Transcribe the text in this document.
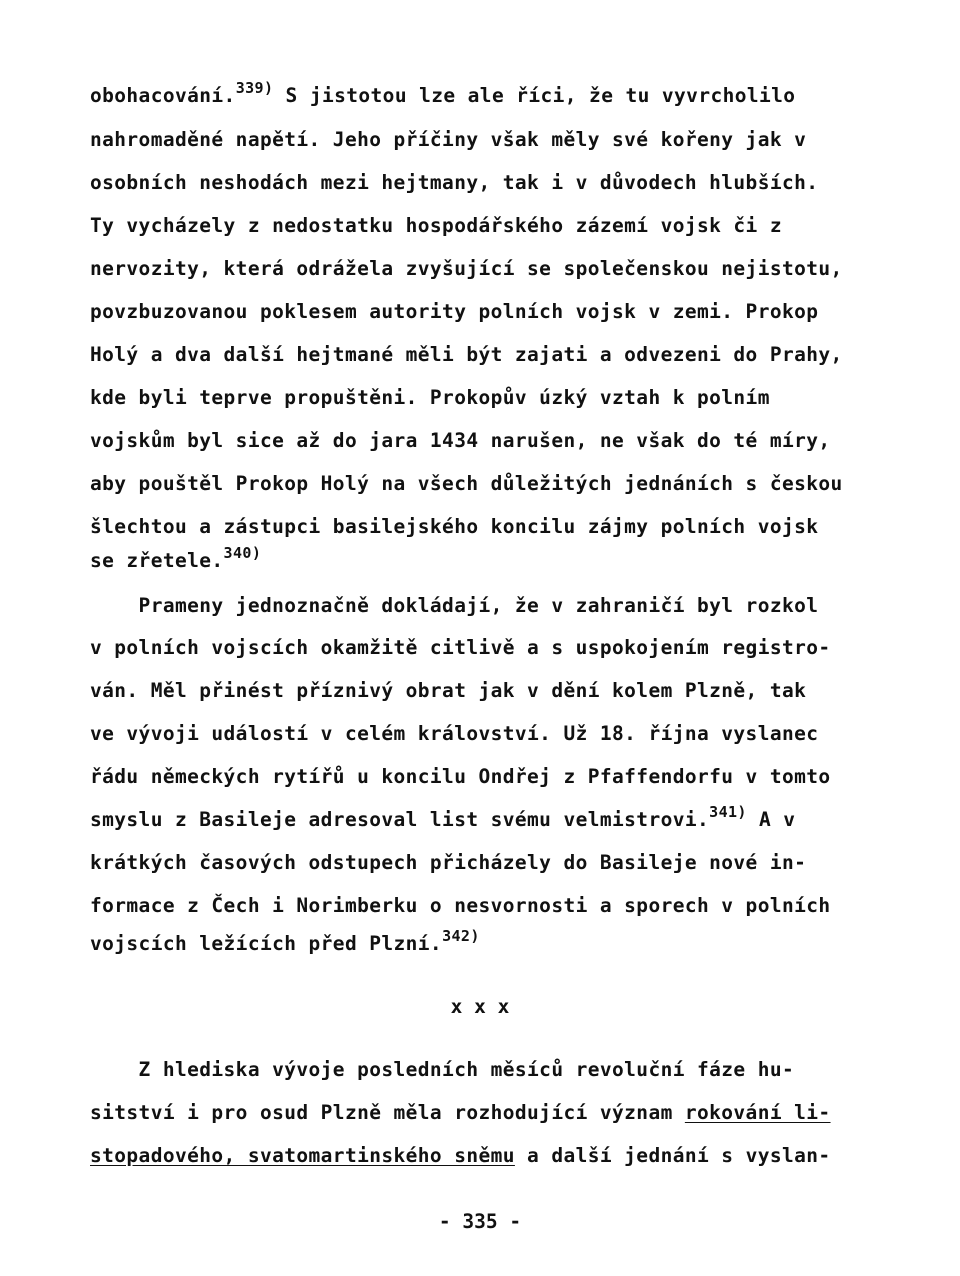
obohacování.$^{339)}$ S jistotou lze ale říci, že tu vyvrcholilo
nahromaděné napětí. Jeho příčiny však měly své kořeny jak v
osobních neshodách mezi hejtmany, tak i v důvodech hlubších.
Ty vycházely z nedostatku hospodářského zázemí vojsk či z
nervozity, která odrážela zvyšující se společenskou nejistotu,
povzbuzovanou poklesem autority polních vojsk v zemi. Prokop
Holý a dva další hejtmané měli být zajati a odvezeni do Prahy,
kde byli teprve propuštěni. Prokopův úzký vztah k polním
vojskům byl sice až do jara 1434 narušen, ne však do té míry,
aby pouštěl Prokop Holý na všech důležitých jednáních s českou
šlechtou a zástupci basilejského koncilu zájmy polních vojsk
se zřetele.$^{340)}$
Prameny jednoznačně dokládají, že v zahraničí byl rozkol
v polních vojscích okamžitě citlivě a s uspokojením registro-
ván. Měl přinést příznivý obrat jak v dění kolem Plzně, tak
ve vývoji událostí v celém království. Už 18. října vyslanec
řádu německých rytířů u koncilu Ondřej z Pfaffendorfu v tomto
smyslu z Basileje adresoval list svému velmistrovi.$^{341)}$ A v
krátkých časových odstupech přicházely do Basileje nové in-
formace z Čech i Norimberku o nesvornosti a sporech v polních
vojscích ležících před Plzní.$^{342)}$
x x x
Z hlediska vývoje posledních měsíců revoluční fáze hu-
sitství i pro osud Plzně měla rozhodující význam rokování li-
stopadového, svatomartinského sněmu a další jednání s vyslan-
- 335 -
